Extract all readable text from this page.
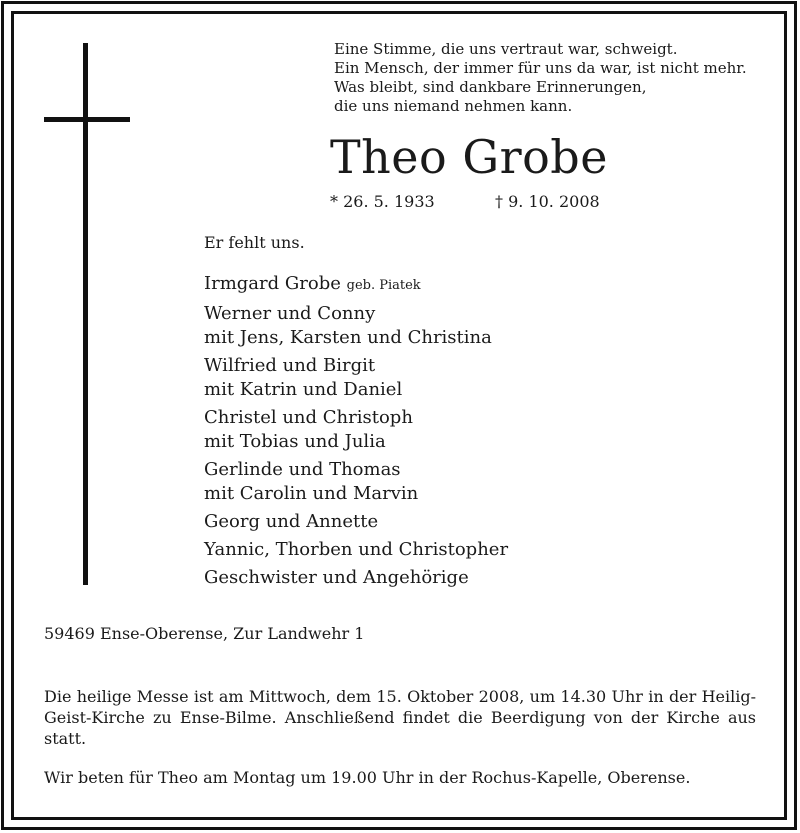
Eine Stimme, die uns vertraut war, schweigt.
Ein Mensch, der immer für uns da war, ist nicht mehr.
Was bleibt, sind dankbare Erinnerungen,
die uns niemand nehmen kann.
Theo Grobe
* 26. 5. 1933	† 9. 10. 2008
Er fehlt uns.
Irmgard Grobe geb. Piatek
Werner und Conny
mit Jens, Karsten und Christina
Wilfried und Birgit
mit Katrin und Daniel
Christel und Christoph
mit Tobias und Julia
Gerlinde und Thomas
mit Carolin und Marvin
Georg und Annette
Yannic, Thorben und Christopher
Geschwister und Angehörige
59469 Ense-Oberense, Zur Landwehr 1
Die heilige Messe ist am Mittwoch, dem 15. Oktober 2008, um 14.30 Uhr in der Heilig-Geist-Kirche zu Ense-Bilme. Anschließend findet die Beerdigung von der Kirche aus statt.
Wir beten für Theo am Montag um 19.00 Uhr in der Rochus-Kapelle, Oberense.
